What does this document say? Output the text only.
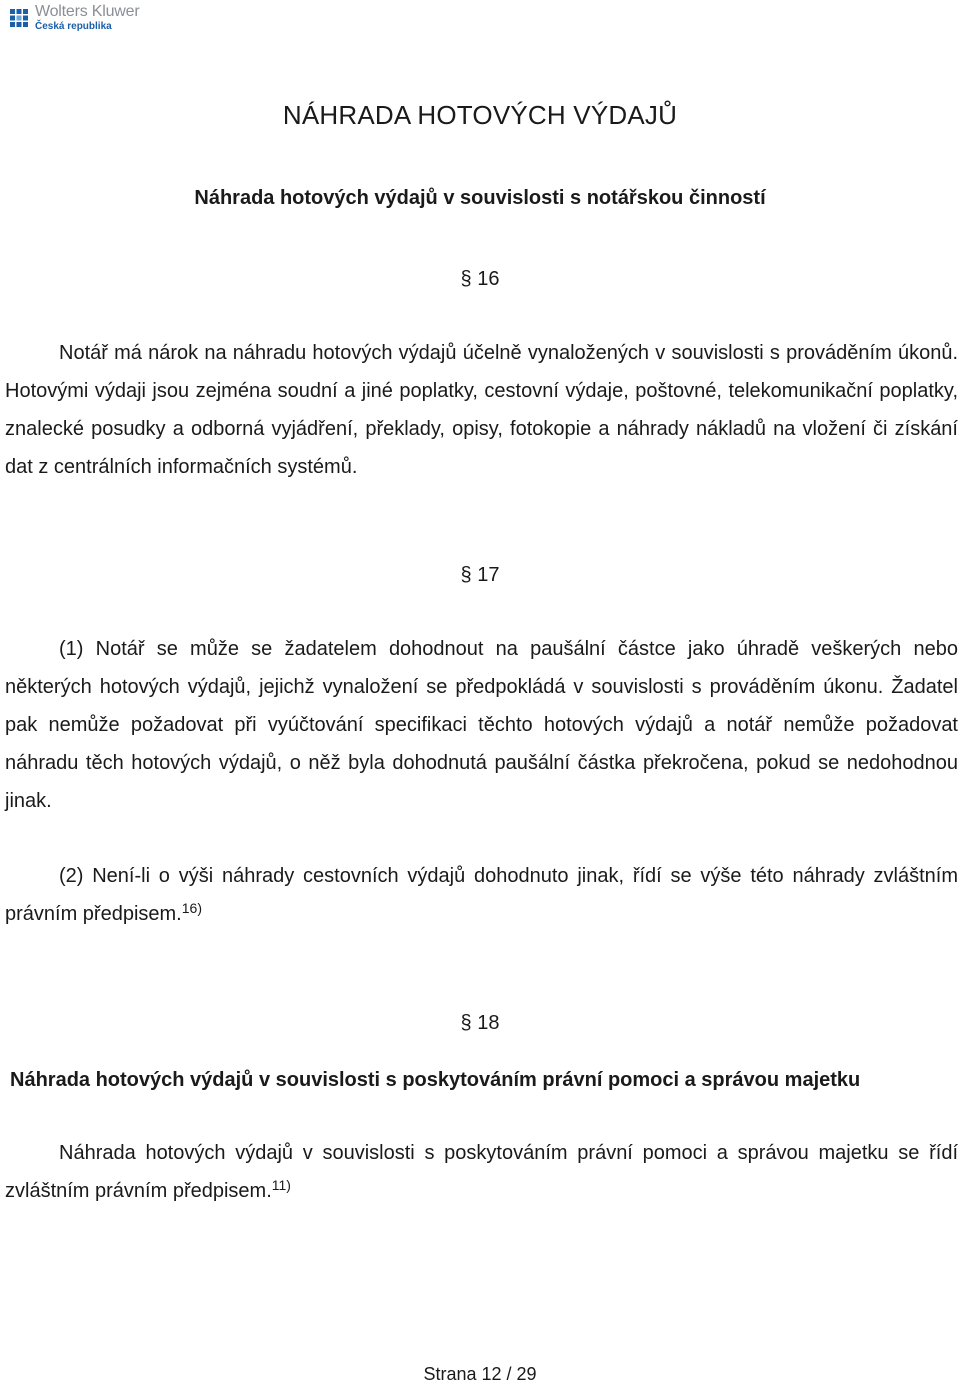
Wolters Kluwer
Česká republika
NÁHRADA HOTOVÝCH VÝDAJŮ
Náhrada hotových výdajů v souvislosti s notářskou činností
§ 16

Notář má nárok na náhradu hotových výdajů účelně vynaložených v souvislosti s prováděním úkonů. Hotovými výdaji jsou zejména soudní a jiné poplatky, cestovní výdaje, poštovné, telekomunikační poplatky, znalecké posudky a odborná vyjádření, překlady, opisy, fotokopie a náhrady nákladů na vložení či získání dat z centrálních informačních systémů.

§ 17

(1) Notář se může se žadatelem dohodnout na paušální částce jako úhradě veškerých nebo některých hotových výdajů, jejichž vynaložení se předpokládá v souvislosti s prováděním úkonu. Žadatel pak nemůže požadovat při vyúčtování specifikaci těchto hotových výdajů a notář nemůže požadovat náhradu těch hotových výdajů, o něž byla dohodnutá paušální částka překročena, pokud se nedohodnou jinak.

(2) Není-li o výši náhrady cestovních výdajů dohodnuto jinak, řídí se výše této náhrady zvláštním právním předpisem.$^{16)}$

§ 18
Náhrada hotových výdajů v souvislosti s poskytováním právní pomoci a správou majetku

Náhrada hotových výdajů v souvislosti s poskytováním právní pomoci a správou majetku se řídí zvláštním právním předpisem.$^{11)}$

Strana 12 / 29
